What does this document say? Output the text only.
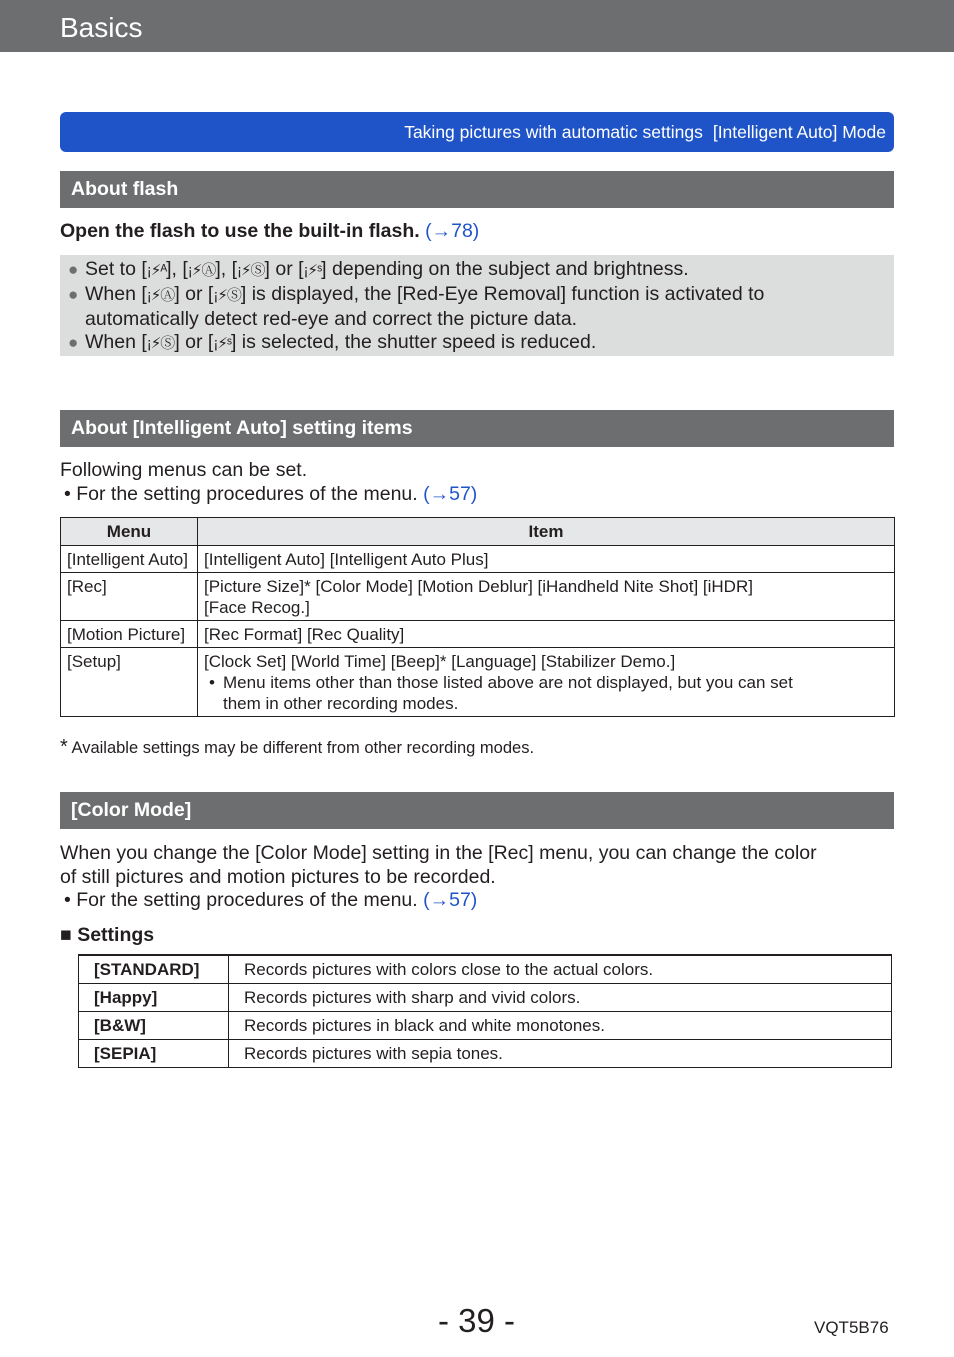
Basics
Taking pictures with automatic settings [Intelligent Auto] Mode
About flash
Open the flash to use the built-in flash. (→78)
● Set to [¡⚡ᴬ], [¡⚡Ⓐ], [¡⚡Ⓢ] or [¡⚡ˢ] depending on the subject and brightness.
● When [¡⚡Ⓐ] or [¡⚡Ⓢ] is displayed, the [Red-Eye Removal] function is activated to
automatically detect red-eye and correct the picture data.
● When [¡⚡Ⓢ] or [¡⚡ˢ] is selected, the shutter speed is reduced.
About [Intelligent Auto] setting items
Following menus can be set.
• For the setting procedures of the menu. (→57)
Menu	Item
[Intelligent Auto]	[Intelligent Auto] [Intelligent Auto Plus]
[Rec]	[Picture Size]* [Color Mode] [Motion Deblur] [iHandheld Nite Shot] [iHDR]
[Face Recog.]

[Motion Picture]	[Rec Format] [Rec Quality]
[Setup]	[Clock Set] [World Time] [Beep]* [Language] [Stabilizer Demo.]
• Menu items other than those listed above are not displayed, but you can set
them in other recording modes.
* Available settings may be different from other recording modes.
[Color Mode]
When you change the [Color Mode] setting in the [Rec] menu, you can change the color
of still pictures and motion pictures to be recorded.
• For the setting procedures of the menu. (→57)
■ Settings
[STANDARD]	Records pictures with colors close to the actual colors.
[Happy]	Records pictures with sharp and vivid colors.
[B&W]	Records pictures in black and white monotones.
[SEPIA]	Records pictures with sepia tones.
- 39 -	VQT5B76
